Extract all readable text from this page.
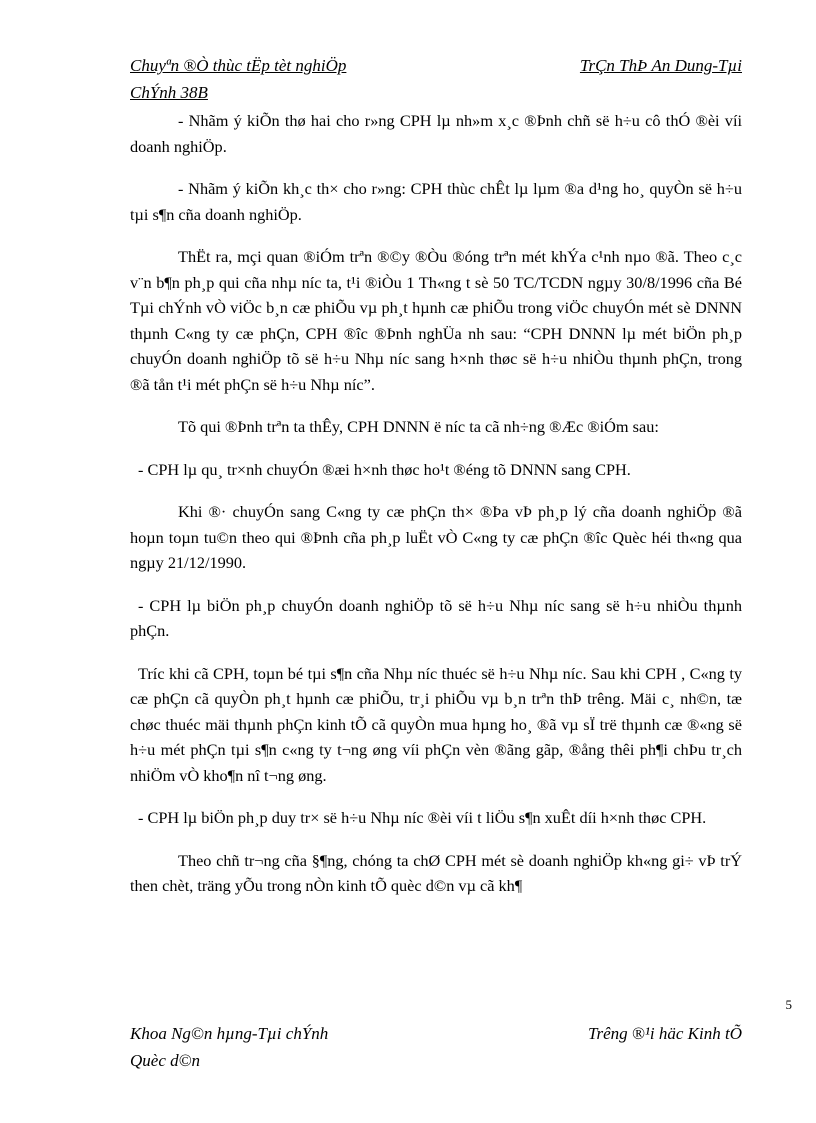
Chuyªn ®Ò thùc tËp tèt nghiÖp	TrÇn ThÞ An Dung-Tµi
ChÝnh 38B

- Nhãm ý kiÕn thø hai cho r»ng CPH lµ nh»m x¸c ®Þnh chñ së h÷u cô thÓ ®èi víi doanh nghiÖp.

- Nhãm ý kiÕn kh¸c th× cho r»ng: CPH thùc chÊt lµ lµm ®a d¹ng ho¸ quyÒn së h÷u tµi s¶n cña doanh nghiÖp.

ThËt ra, mçi quan ®iÓm trªn ®©y ®Òu ®óng trªn mét khÝa c¹nh nµo ®ã. Theo c¸c v¨n b¶n ph¸p qui cña nhµ níc ta, t¹i ®iÒu 1 Th«ng t sè 50 TC/TCDN ngµy 30/8/1996 cña Bé Tµi chÝnh vÒ viÖc b¸n cæ phiÕu vµ ph¸t hµnh cæ phiÕu trong viÖc chuyÓn mét sè DNNN thµnh C«ng ty cæ phÇn, CPH ®îc ®Þnh nghÜa nh sau: “CPH DNNN lµ mét biÖn ph¸p chuyÓn doanh nghiÖp tõ së h÷u Nhµ níc sang h×nh thøc së h÷u nhiÒu thµnh phÇn, trong ®ã tån t¹i mét phÇn së h÷u Nhµ níc”.

Tõ qui ®Þnh trªn ta thÊy, CPH DNNN ë níc ta cã nh÷ng ®Æc ®iÓm sau:

- CPH lµ qu¸ tr×nh chuyÓn ®æi h×nh thøc ho¹t ®éng tõ DNNN sang CPH.

Khi ®· chuyÓn sang C«ng ty cæ phÇn th× ®Þa vÞ ph¸p lý cña doanh nghiÖp ®ã hoµn toµn tu©n theo qui ®Þnh cña ph¸p luËt vÒ C«ng ty cæ phÇn ®îc Quèc héi th«ng qua ngµy 21/12/1990.

- CPH lµ biÖn ph¸p chuyÓn doanh nghiÖp tõ së h÷u Nhµ níc sang së h÷u nhiÒu thµnh phÇn.

Tríc khi cã CPH, toµn bé tµi s¶n cña Nhµ níc thuéc së h÷u Nhµ níc. Sau khi CPH , C«ng ty cæ phÇn cã quyÒn ph¸t hµnh cæ phiÕu, tr¸i phiÕu vµ b¸n trªn thÞ trêng. Mäi c¸ nh©n, tæ chøc thuéc mäi thµnh phÇn kinh tÕ cã quyÒn mua hµng ho¸ ®ã vµ sÏ trë thµnh cæ ®«ng së h÷u mét phÇn tµi s¶n c«ng ty t¬ng øng víi phÇn vèn ®ãng gãp, ®ång thêi ph¶i chÞu tr¸ch nhiÖm vÒ kho¶n nî t¬ng øng.

- CPH lµ biÖn ph¸p duy tr× së h÷u Nhµ níc ®èi víi t liÖu s¶n xuÊt díi h×nh thøc CPH.

Theo chñ tr¬ng cña §¶ng, chóng ta chØ CPH mét sè doanh nghiÖp kh«ng gi÷ vÞ trÝ then chèt, träng yÕu trong nÒn kinh tÕ quèc d©n vµ cã kh¶

5
Khoa Ng©n hµng-Tµi chÝnh	Trêng ®¹i häc Kinh tÕ
Quèc d©n
